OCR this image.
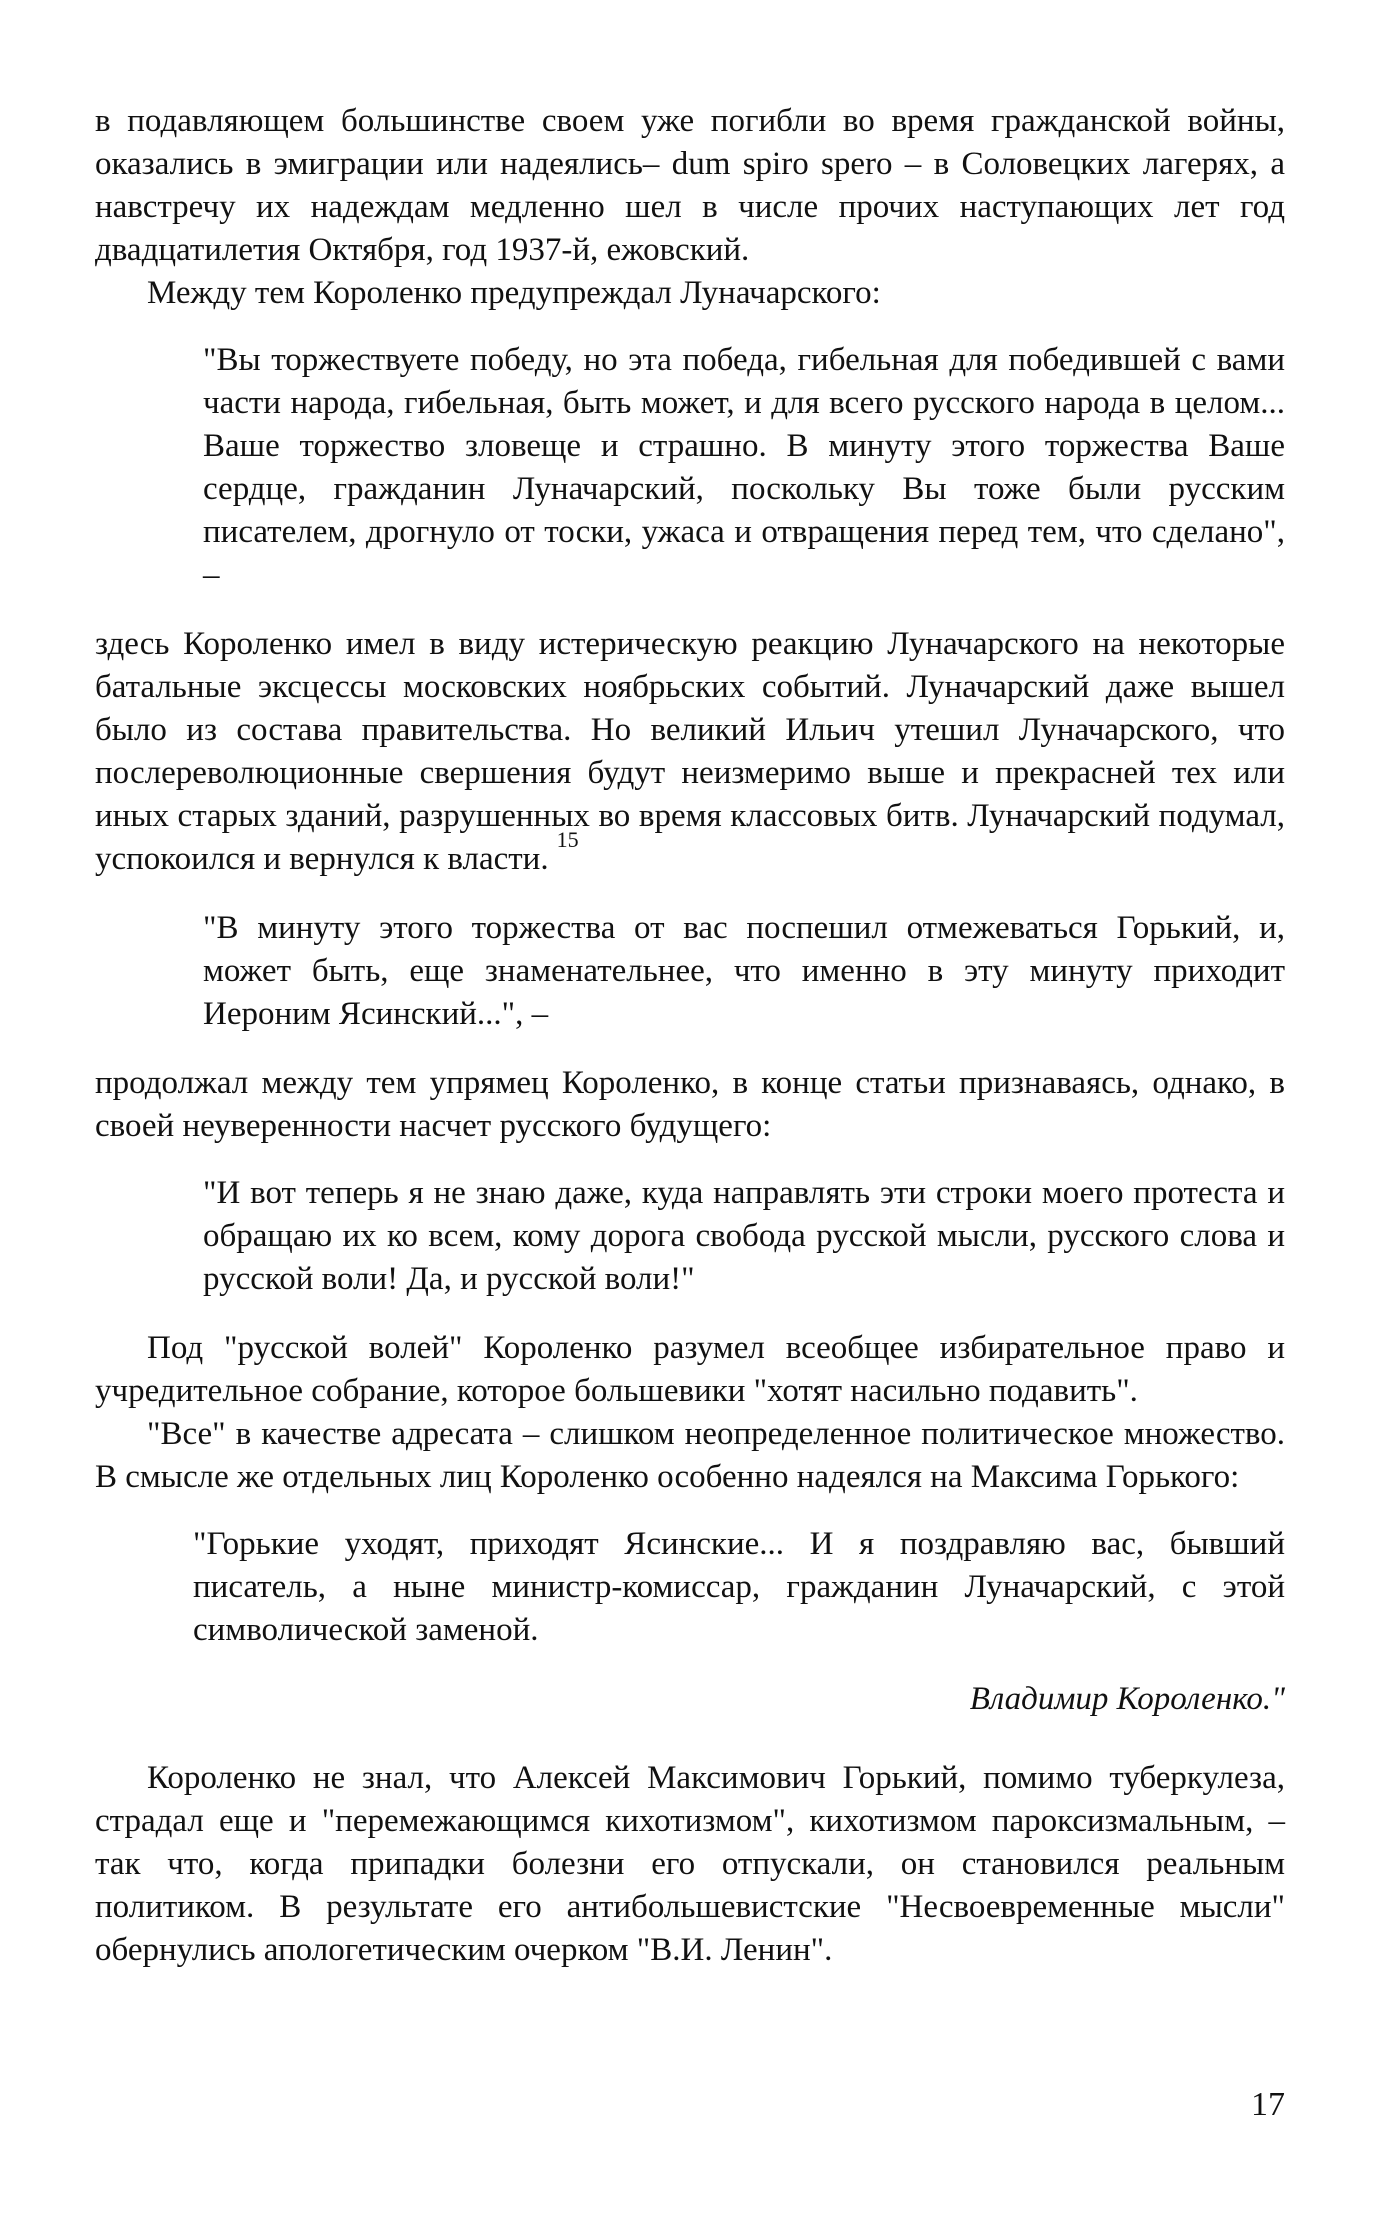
в подавляющем большинстве своем уже погибли во время гражданской войны, оказались в эмиграции или надеялись– dum spiro spero – в Соловецких лагерях, а навстречу их надеждам медленно шел в числе прочих наступающих лет год двадцатилетия Октября, год 1937-й, ежовский.

Между тем Короленко предупреждал Луначарского:

"Вы торжествуете победу, но эта победа, гибельная для победившей с вами части народа, гибельная, быть может, и для всего русского народа в целом... Ваше торжество зловеще и страшно. В минуту этого торжества Ваше сердце, гражданин Луначарский, поскольку Вы тоже были русским писателем, дрогнуло от тоски, ужаса и отвращения перед тем, что сделано", –

здесь Короленко имел в виду истерическую реакцию Луначарского на некоторые батальные эксцессы московских ноябрьских событий. Луначарский даже вышел было из состава правительства. Но великий Ильич утешил Луначарского, что послереволюционные свершения будут неизмеримо выше и прекрасней тех или иных старых зданий, разрушенных во время классовых битв. Луначарский подумал, успокоился и вернулся к власти.$^{15}$

"В минуту этого торжества от вас поспешил отмежеваться Горький, и, может быть, еще знаменательнее, что именно в эту минуту приходит Иероним Ясинский...", –

продолжал между тем упрямец Короленко, в конце статьи признаваясь, однако, в своей неуверенности насчет русского будущего:

"И вот теперь я не знаю даже, куда направлять эти строки моего протеста и обращаю их ко всем, кому дорога свобода русской мысли, русского слова и русской воли! Да, и русской воли!"

Под "русской волей" Короленко разумел всеобщее избирательное право и учредительное собрание, которое большевики "хотят насильно подавить".

"Все" в качестве адресата – слишком неопределенное политическое множество. В смысле же отдельных лиц Короленко особенно надеялся на Максима Горького:

"Горькие уходят, приходят Ясинские... И я поздравляю вас, бывший писатель, а ныне министр-комиссар, гражданин Луначарский, с этой символической заменой.

Владимир Короленко."

Короленко не знал, что Алексей Максимович Горький, помимо туберкулеза, страдал еще и "перемежающимся кихотизмом", кихотизмом пароксизмальным, – так что, когда припадки болезни его отпускали, он становился реальным политиком. В результате его антибольшевистские "Несвоевременные мысли" обернулись апологетическим очерком "В.И. Ленин".

17
